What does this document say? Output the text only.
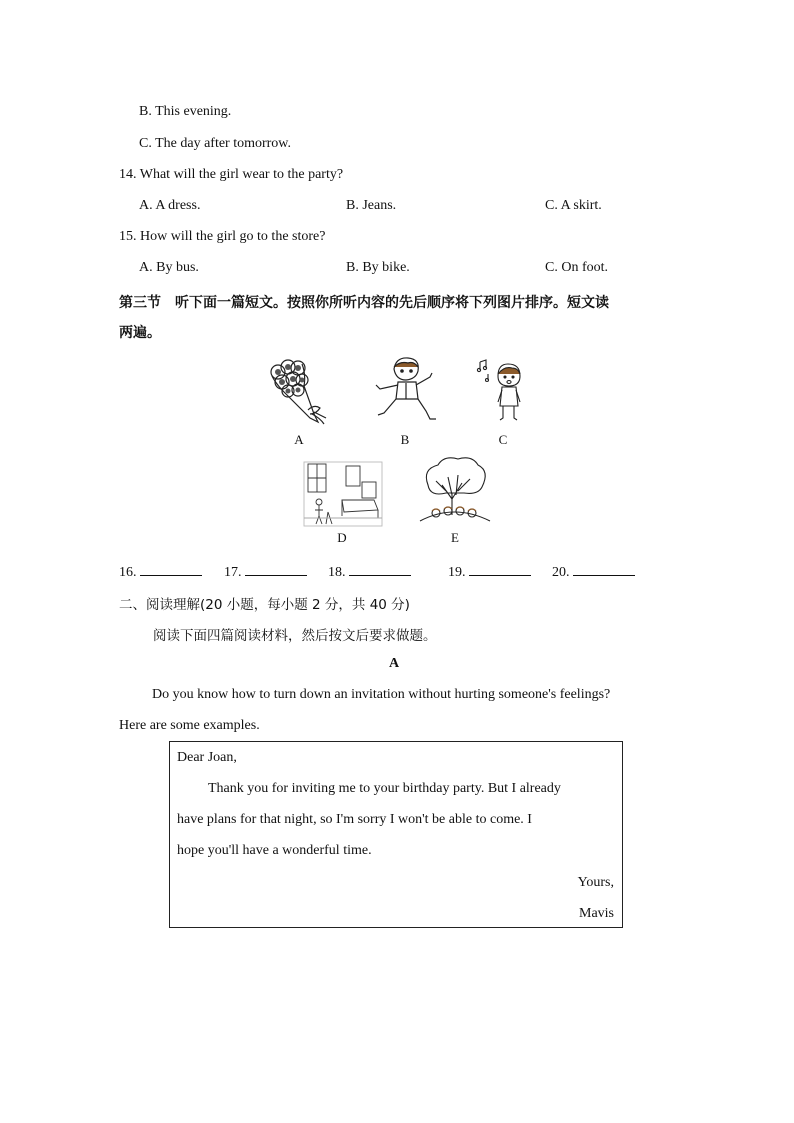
B. This evening.
C. The day after tomorrow.
14. What will the girl wear to the party?
A. A dress.	B. Jeans.	C. A skirt.
15. How will the girl go to the store?
A. By bus.	B. By bike.	C. On foot.
第三节　听下面一篇短文。按照你所听内容的先后顺序将下列图片排序。短文读
两遍。
A	B	C
D	E
16.	17.	18.	19.	20.
二、阅读理解(20 小题，每小题 2 分，共 40 分)
阅读下面四篇阅读材料，然后按文后要求做题。
A
Do you know how to turn down an invitation without hurting someone's feelings?
Here are some examples.
Dear Joan,
Thank you for inviting me to your birthday party. But I already
have plans for that night, so I'm sorry I won't be able to come. I
hope you'll have a wonderful time.
Yours,
Mavis
